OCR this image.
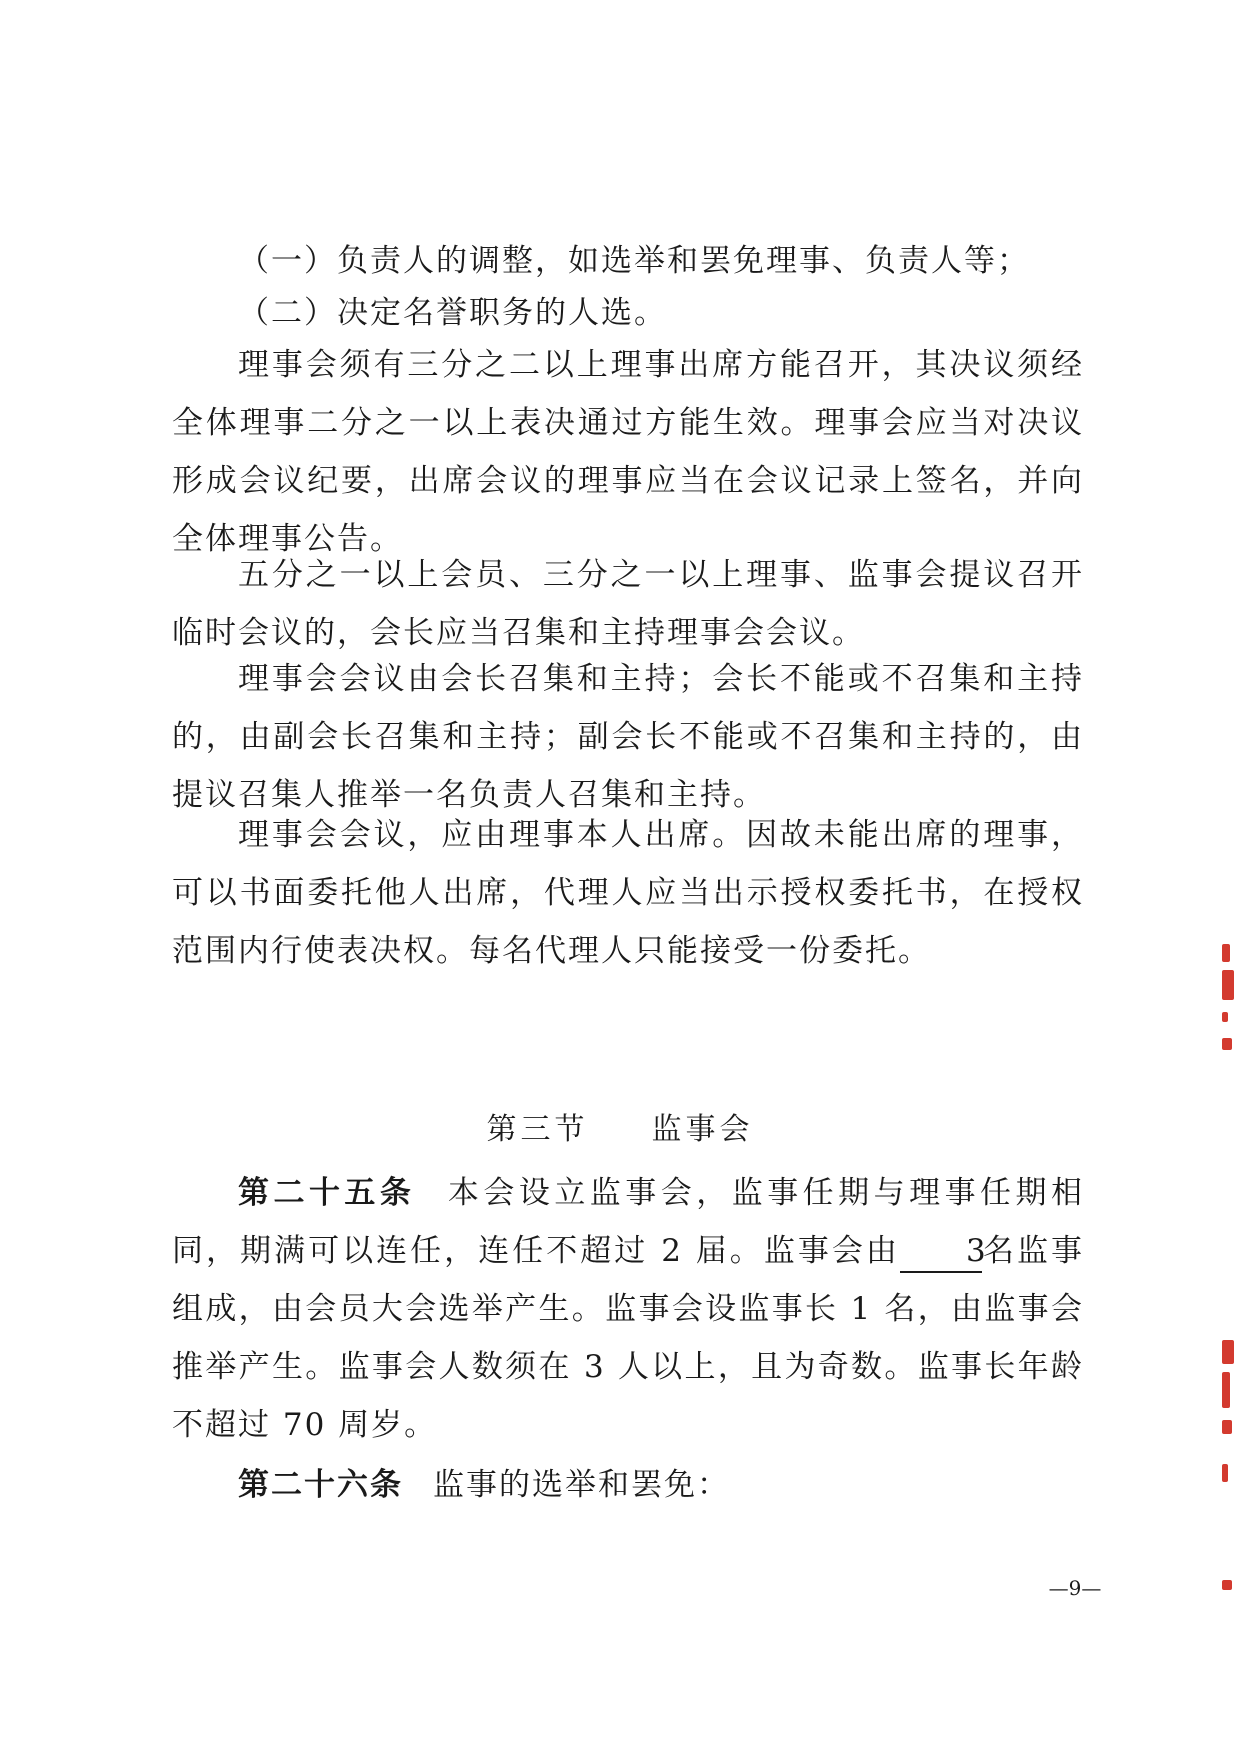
（一）负责人的调整，如选举和罢免理事、负责人等；

（二）决定名誉职务的人选。

理事会须有三分之二以上理事出席方能召开，其决议须经全体理事二分之一以上表决通过方能生效。理事会应当对决议形成会议纪要，出席会议的理事应当在会议记录上签名，并向全体理事公告。

五分之一以上会员、三分之一以上理事、监事会提议召开临时会议的，会长应当召集和主持理事会会议。

理事会会议由会长召集和主持；会长不能或不召集和主持的，由副会长召集和主持；副会长不能或不召集和主持的，由提议召集人推举一名负责人召集和主持。

理事会会议，应由理事本人出席。因故未能出席的理事，可以书面委托他人出席，代理人应当出示授权委托书，在授权范围内行使表决权。每名代理人只能接受一份委托。

第三节 监事会

第二十五条 本会设立监事会，监事任期与理事任期相同，期满可以连任，连任不超过 2 届。监事会由 3名监事组成，由会员大会选举产生。监事会设监事长 1 名，由监事会推举产生。监事会人数须在 3 人以上，且为奇数。监事长年龄不超过 70 周岁。

第二十六条 监事的选举和罢免：

—9—
